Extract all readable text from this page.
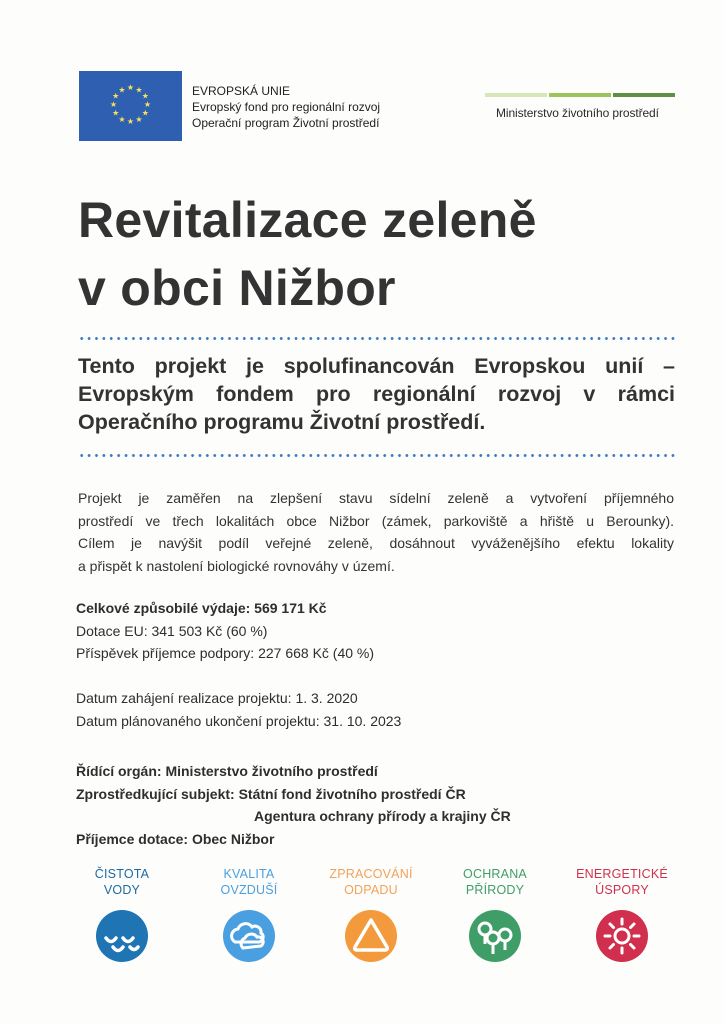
★ ★
★
★
★
★
★
★
★
★
★
★	EVROPSKÁ UNIE
Evropský fond pro regionální rozvoj
Operační program Životní prostředí
Ministerstvo životního prostředí
Revitalizace zeleně
v obci Nižbor
Tento projekt je spolufinancován Evropskou unií –
Evropským fondem pro regionální rozvoj v rámci
Operačního programu Životní prostředí.
Projekt je zaměřen na zlepšení stavu sídelní zeleně a vytvoření příjemného
prostředí ve třech lokalitách obce Nižbor (zámek, parkoviště a hřiště u Berounky).
Cílem je navýšit podíl veřejné zeleně, dosáhnout vyváženějšího efektu lokality
a přispět k nastolení biologické rovnováhy v území.
Celkové způsobilé výdaje: 569 171 Kč
Dotace EU: 341 503 Kč (60 %)
Příspěvek příjemce podpory: 227 668 Kč (40 %)
Datum zahájení realizace projektu: 1. 3. 2020
Datum plánovaného ukončení projektu: 31. 10. 2023
Řídící orgán: Ministerstvo životního prostředí
Zprostředkující subjekt: Státní fond životního prostředí ČR
Agentura ochrany přírody a krajiny ČR
Příjemce dotace: Obec Nižbor
ČISTOTA
VODY
KVALITA
OVZDUŠÍ
ZPRACOVÁNÍ
ODPADU
OCHRANA
PŘÍRODY
ENERGETICKÉ
ÚSPORY
